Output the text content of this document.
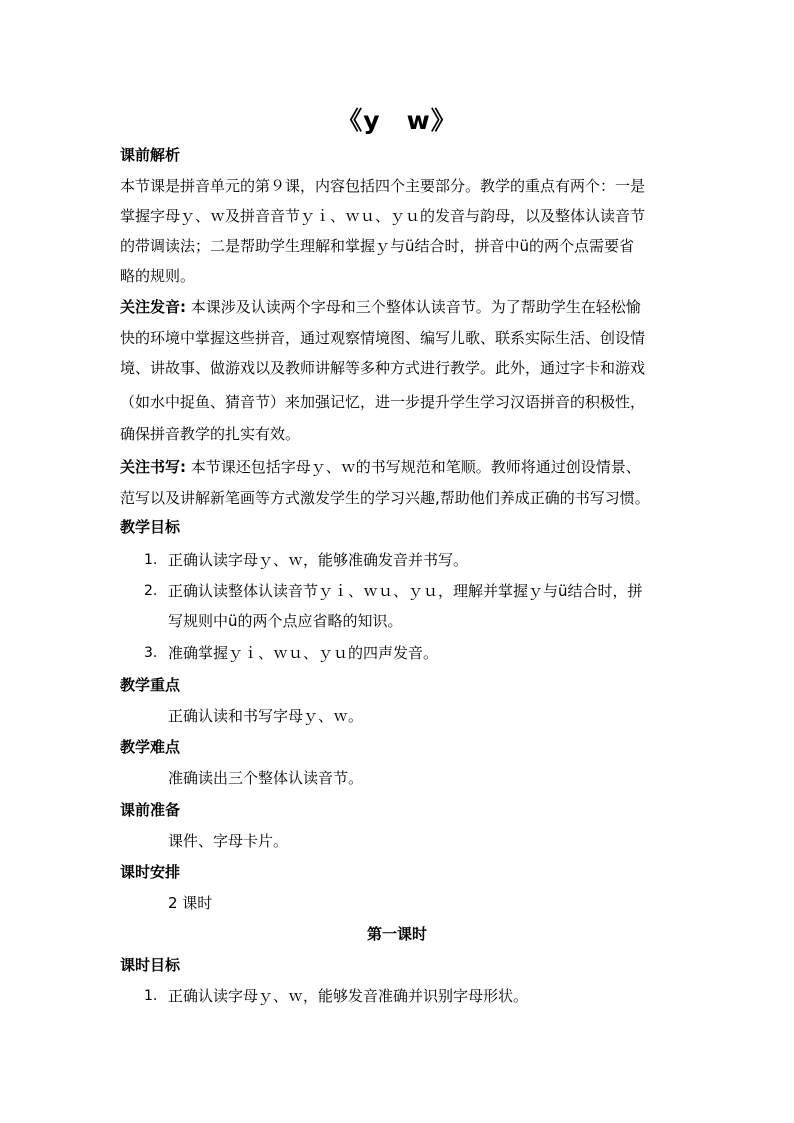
《y　w》
课前解析
本节课是拼音单元的第９课，内容包括四个主要部分。教学的重点有两个：一是
掌握字母ｙ、ｗ及拼音音节ｙｉ、ｗｕ、ｙｕ的发音与韵母，以及整体认读音节
的带调读法；二是帮助学生理解和掌握ｙ与ü结合时，拼音中ü的两个点需要省
略的规则。
关注发音: 本课涉及认读两个字母和三个整体认读音节。为了帮助学生在轻松愉
快的环境中掌握这些拼音，通过观察情境图、编写儿歌、联系实际生活、创设情
境、讲故事、做游戏以及教师讲解等多种方式进行教学。此外，通过字卡和游戏
（如水中捉鱼、猜音节）来加强记忆，进一步提升学生学习汉语拼音的积极性，
确保拼音教学的扎实有效。
关注书写: 本节课还包括字母ｙ、ｗ的书写规范和笔顺。教师将通过创设情景、
范写以及讲解新笔画等方式激发学生的学习兴趣,帮助他们养成正确的书写习惯。
教学目标
1. 正确认读字母ｙ、ｗ，能够准确发音并书写。
2. 正确认读整体认读音节ｙｉ、ｗｕ、ｙｕ，理解并掌握ｙ与ü结合时，拼
写规则中ü的两个点应省略的知识。
3. 准确掌握ｙｉ、ｗｕ、ｙｕ的四声发音。
教学重点
正确认读和书写字母ｙ、ｗ。
教学难点
准确读出三个整体认读音节。
课前准备
课件、字母卡片。
课时安排
2 课时
第一课时
课时目标
1. 正确认读字母ｙ、ｗ，能够发音准确并识别字母形状。
